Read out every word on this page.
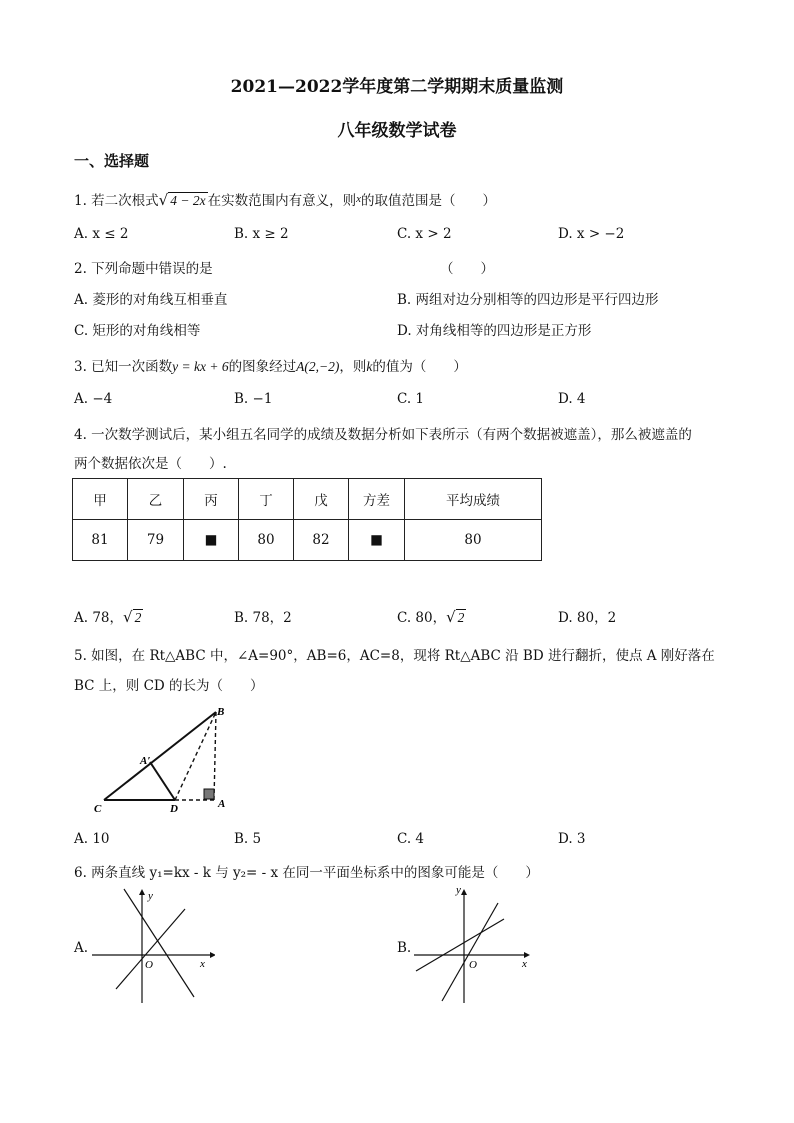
2021—2022学年度第二学期期末质量监测
八年级数学试卷
一、选择题
1. 若二次根式√ 4 − 2x 在实数范围内有意义，则$^x$的取值范围是（　　）
A. x ≤ 2	B. x ≥ 2	C. x > 2	D. x > −2
2. 下列命题中错误的是	（　　）
A. 菱形的对角线互相垂直	B. 两组对边分别相等的四边形是平行四边形
C. 矩形的对角线相等	D. 对角线相等的四边形是正方形
3. 已知一次函数y = kx + 6的图象经过A(2,−2)，则k的值为（　　）
A. −4	B. −1	C. 1	D. 4
4. 一次数学测试后，某小组五名同学的成绩及数据分析如下表所示（有两个数据被遮盖），那么被遮盖的
两个数据依次是（　　）.
甲	乙	丙	丁	戊	方差	平均成绩
81	79	■	80	82	■	80
A. 78，√ 2	B. 78，2	C. 80，√ 2	D. 80，2
5. 如图，在 Rt△ABC 中，∠A=90°，AB=6，AC=8，现将 Rt△ABC 沿 BD 进行翻折，使点 A 刚好落在
BC 上，则 CD 的长为（　　）
B
A′
C	D	A
A. 10	B. 5	C. 4	D. 3
6. 两条直线 y₁=kx - k 与 y₂= - x 在同一平面坐标系中的图象可能是（　　）
A.
y
x
O
B.
y
x
O
